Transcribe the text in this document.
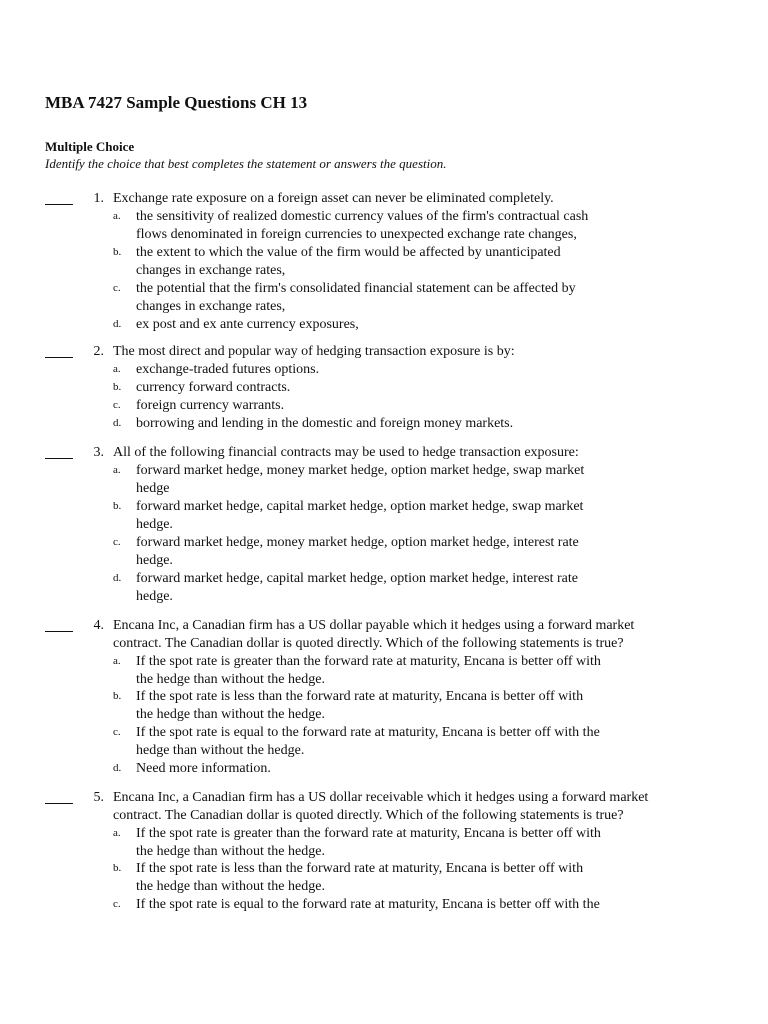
MBA 7427 Sample Questions CH 13
Multiple Choice
Identify the choice that best completes the statement or answers the question.
1. Exchange rate exposure on a foreign asset can never be eliminated completely.
a. the sensitivity of realized domestic currency values of the firm's contractual cash
flows denominated in foreign currencies to unexpected exchange rate changes,
b. the extent to which the value of the firm would be affected by unanticipated
changes in exchange rates,
c. the potential that the firm's consolidated financial statement can be affected by
changes in exchange rates,
d. ex post and ex ante currency exposures,
2. The most direct and popular way of hedging transaction exposure is by:
a. exchange-traded futures options.
b. currency forward contracts.
c. foreign currency warrants.
d. borrowing and lending in the domestic and foreign money markets.
3. All of the following financial contracts may be used to hedge transaction exposure:
a. forward market hedge, money market hedge, option market hedge, swap market
hedge
b. forward market hedge, capital market hedge, option market hedge, swap market
hedge.
c. forward market hedge, money market hedge, option market hedge, interest rate
hedge.
d. forward market hedge, capital market hedge, option market hedge, interest rate
hedge.
4. Encana Inc, a Canadian firm has a US dollar payable which it hedges using a forward market
contract. The Canadian dollar is quoted directly. Which of the following statements is true?
a. If the spot rate is greater than the forward rate at maturity, Encana is better off with
the hedge than without the hedge.
b. If the spot rate is less than the forward rate at maturity, Encana is better off with
the hedge than without the hedge.
c. If the spot rate is equal to the forward rate at maturity, Encana is better off with the
hedge than without the hedge.
d. Need more information.
5. Encana Inc, a Canadian firm has a US dollar receivable which it hedges using a forward market
contract. The Canadian dollar is quoted directly. Which of the following statements is true?
a. If the spot rate is greater than the forward rate at maturity, Encana is better off with
the hedge than without the hedge.
b. If the spot rate is less than the forward rate at maturity, Encana is better off with
the hedge than without the hedge.
c. If the spot rate is equal to the forward rate at maturity, Encana is better off with the
